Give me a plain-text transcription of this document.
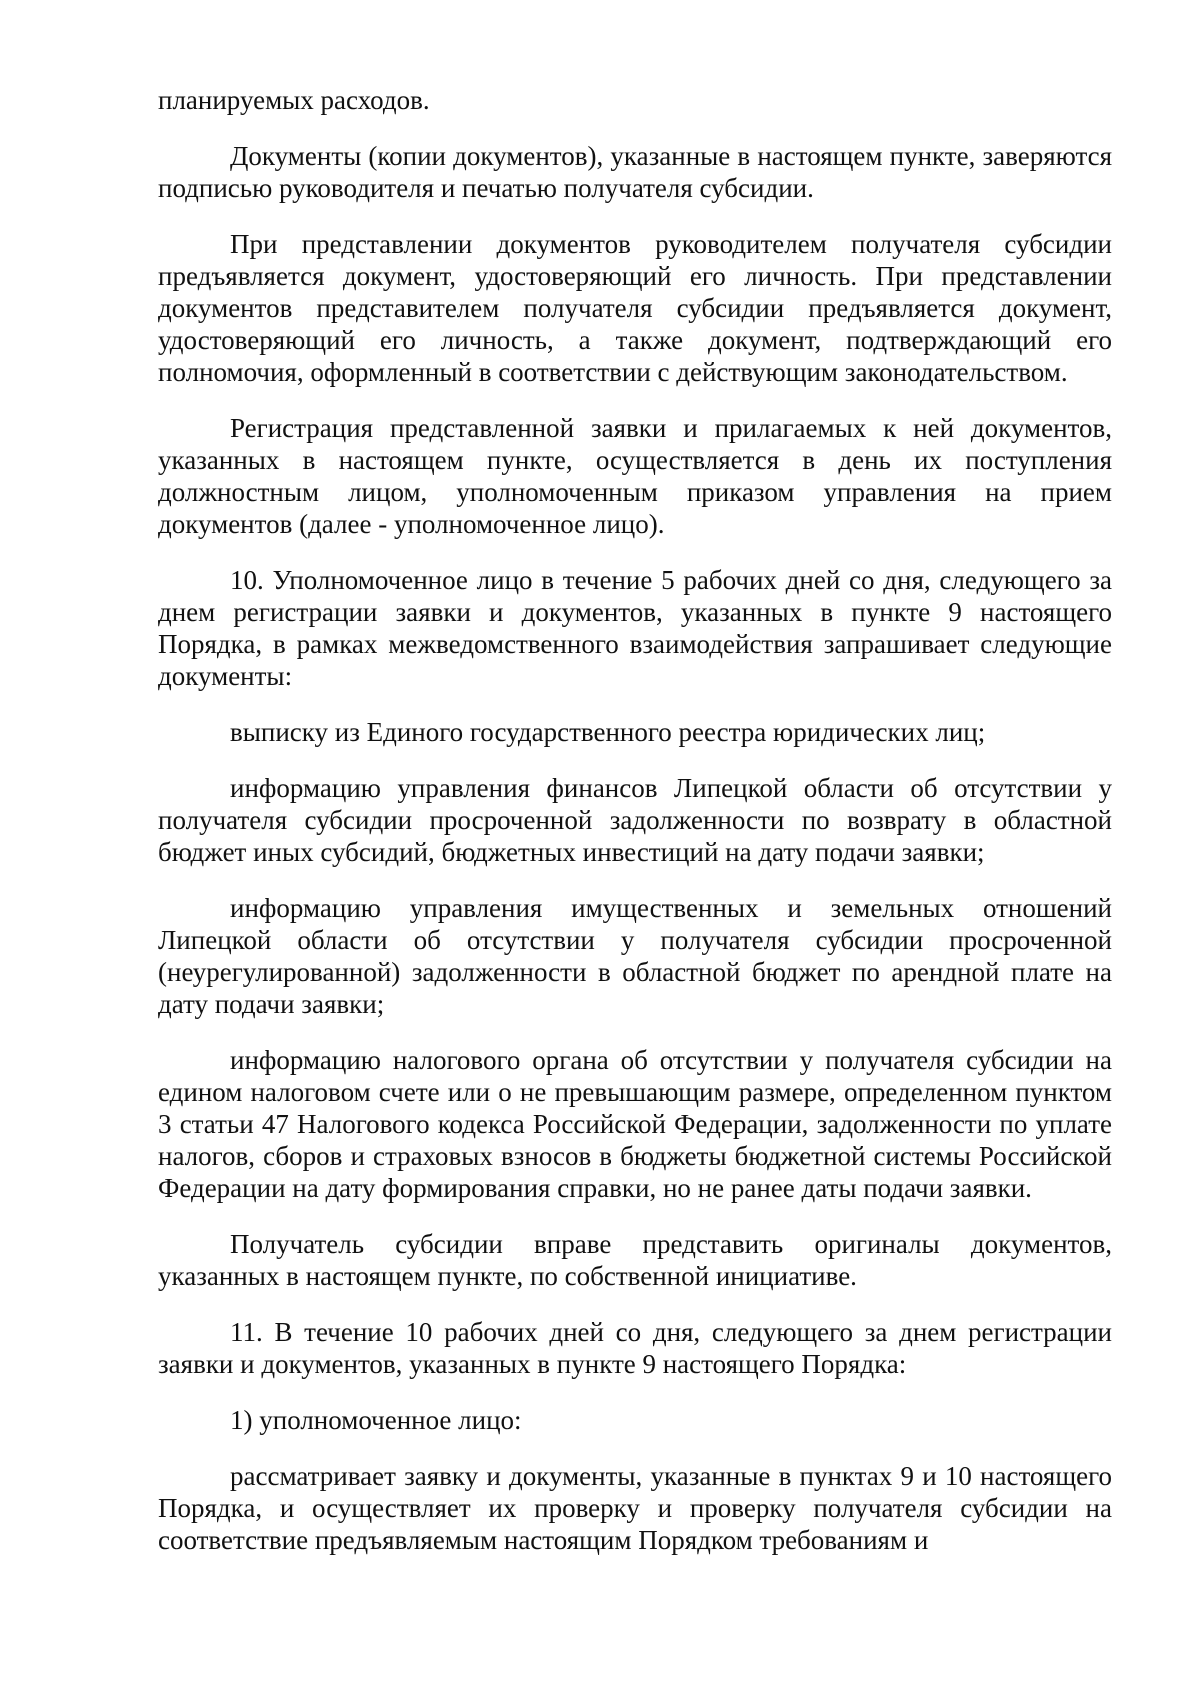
планируемых расходов.

Документы (копии документов), указанные в настоящем пункте, заверяются подписью руководителя и печатью получателя субсидии.

При представлении документов руководителем получателя субсидии предъявляется документ, удостоверяющий его личность. При представлении документов представителем получателя субсидии предъявляется документ, удостоверяющий его личность, а также документ, подтверждающий его полномочия, оформленный в соответствии с действующим законодательством.

Регистрация представленной заявки и прилагаемых к ней документов, указанных в настоящем пункте, осуществляется в день их поступления должностным лицом, уполномоченным приказом управления на прием документов (далее - уполномоченное лицо).

10. Уполномоченное лицо в течение 5 рабочих дней со дня, следующего за днем регистрации заявки и документов, указанных в пункте 9 настоящего Порядка, в рамках межведомственного взаимодействия запрашивает следующие документы:

выписку из Единого государственного реестра юридических лиц;

информацию управления финансов Липецкой области об отсутствии у получателя субсидии просроченной задолженности по возврату в областной бюджет иных субсидий, бюджетных инвестиций на дату подачи заявки;

информацию управления имущественных и земельных отношений Липецкой области об отсутствии у получателя субсидии просроченной (неурегулированной) задолженности в областной бюджет по арендной плате на дату подачи заявки;

информацию налогового органа об отсутствии у получателя субсидии на едином налоговом счете или о не превышающим размере, определенном пунктом 3 статьи 47 Налогового кодекса Российской Федерации, задолженности по уплате налогов, сборов и страховых взносов в бюджеты бюджетной системы Российской Федерации на дату формирования справки, но не ранее даты подачи заявки.

Получатель субсидии вправе представить оригиналы документов, указанных в настоящем пункте, по собственной инициативе.

11. В течение 10 рабочих дней со дня, следующего за днем регистрации заявки и документов, указанных в пункте 9 настоящего Порядка:

1) уполномоченное лицо:

рассматривает заявку и документы, указанные в пунктах 9 и 10 настоящего Порядка, и осуществляет их проверку и проверку получателя субсидии на соответствие предъявляемым настоящим Порядком требованиям и
